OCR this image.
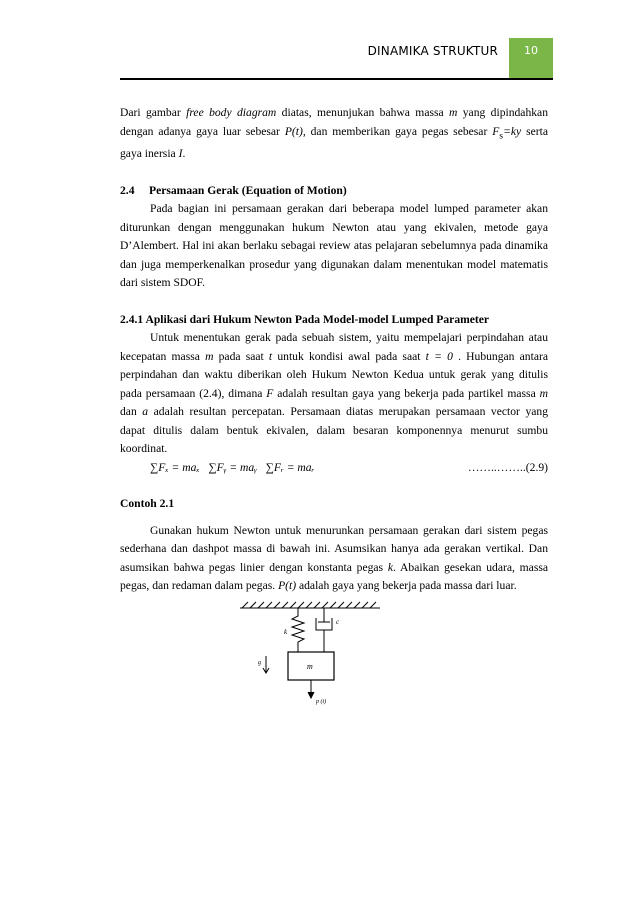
DINAMIKA STRUKTUR	10

Dari gambar free body diagram diatas, menunjukan bahwa massa m yang dipindahkan dengan adanya gaya luar sebesar P(t), dan memberikan gaya pegas sebesar $F_s=ky$ serta gaya inersia I.

2.4     Persamaan Gerak (Equation of Motion)

Pada bagian ini persamaan gerakan dari beberapa model lumped parameter akan diturunkan dengan menggunakan hukum Newton atau yang ekivalen, metode gaya D’Alembert. Hal ini akan berlaku sebagai review atas pelajaran sebelumnya pada dinamika dan juga memperkenalkan prosedur yang digunakan dalam menentukan model matematis dari sistem SDOF.

2.4.1 Aplikasi dari Hukum Newton Pada Model-model Lumped Parameter

Untuk menentukan gerak pada sebuah sistem, yaitu mempelajari perpindahan atau kecepatan massa m pada saat t untuk kondisi awal pada saat t = 0 . Hubungan antara perpindahan dan waktu diberikan oleh Hukum Newton Kedua untuk gerak yang ditulis pada persamaan (2.4), dimana F adalah resultan gaya yang bekerja pada partikel massa m dan a adalah resultan percepatan. Persamaan diatas merupakan persamaan vector yang dapat ditulis dalam bentuk ekivalen, dalam besaran komponennya menurut sumbu koordinat.

∑Fₓ = maₓ   ∑Fᵧ = maᵧ   ∑Fᵣ = maᵣ	……..……..(2.9)

Contoh 2.1

Gunakan hukum Newton untuk menurunkan persamaan gerakan dari sistem pegas sederhana dan dashpot massa di bawah ini. Asumsikan hanya ada gerakan vertikal. Dan asumsikan bahwa pegas linier dengan konstanta pegas k. Abaikan gesekan udara, massa pegas, dan redaman dalam pegas. P(t) adalah gaya yang bekerja pada massa dari luar.

m
k
c
g
p (t)
